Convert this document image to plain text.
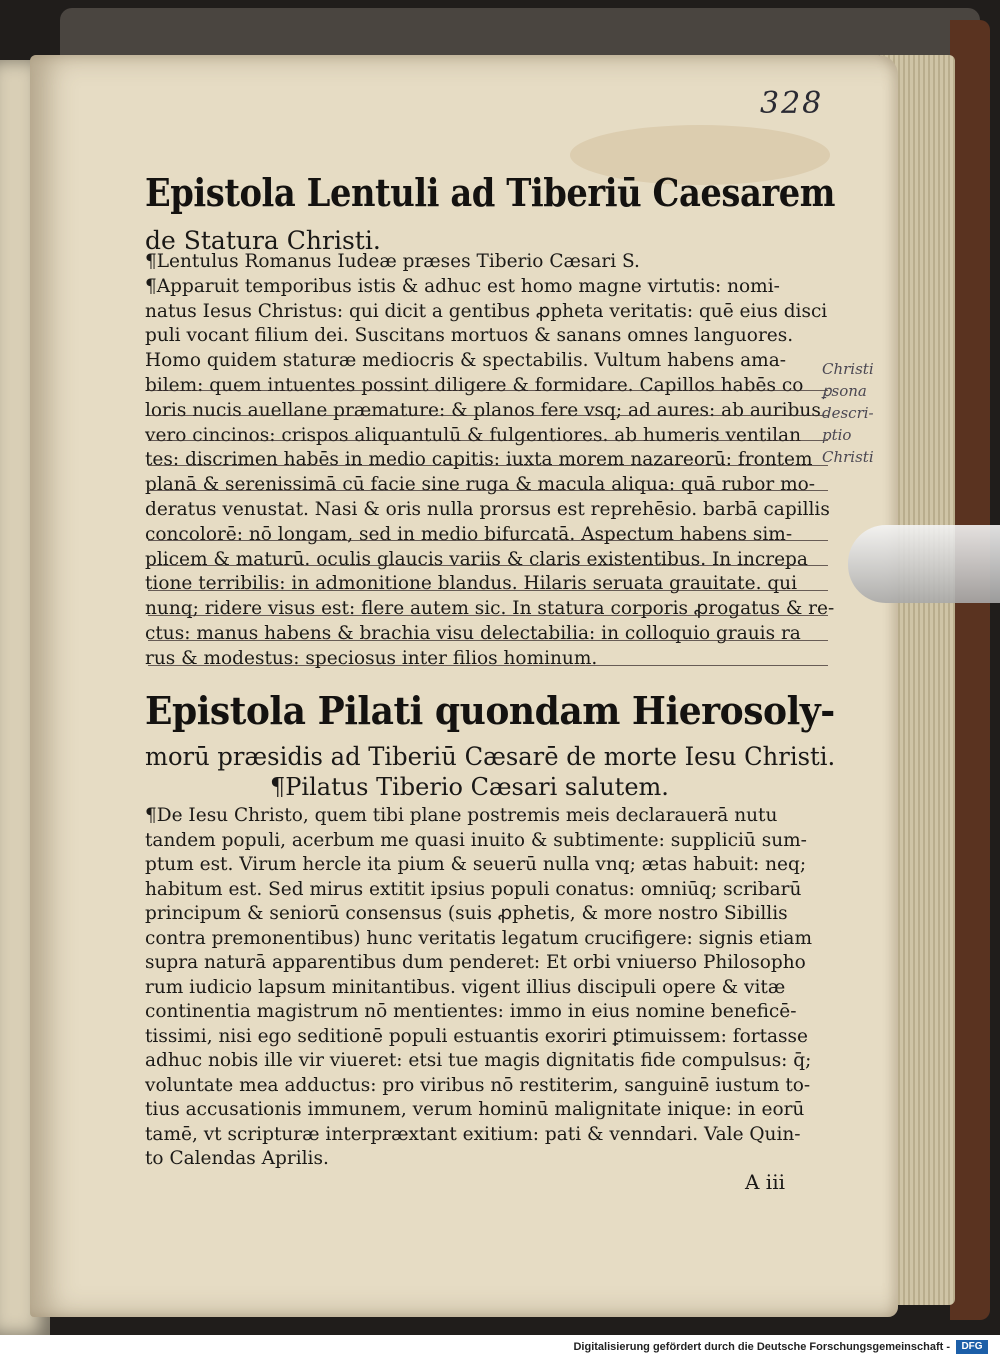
328
Epistola Lentuli ad Tiberiū Caesarem
de Statura Christi.
¶Lentulus Romanus Iudeæ præses Tiberio Cæsari S.
¶Apparuit temporibus istis & adhuc est homo magne virtutis: nomi-
natus Iesus Christus: qui dicit a gentibus ꝓpheta veritatis: quē eius disci
puli vocant filium dei. Suscitans mortuos & sanans omnes languores.
Homo quidem staturæ mediocris & spectabilis. Vultum habens ama-
bilem: quem intuentes possint diligere & formidare. Capillos habēs co
loris nucis auellane præmature: & planos fere vsq; ad aures: ab auribus
vero cincinos: crispos aliquantulū & fulgentiores. ab humeris ventilan
tes: discrimen habēs in medio capitis: iuxta morem nazareorū: frontem
planā & serenissimā cū facie sine ruga & macula aliqua: quā rubor mo-
deratus venustat. Nasi & oris nulla prorsus est reprehēsio. barbā capillis
concolorē: nō longam, sed in medio bifurcatā. Aspectum habens sim-
plicem & maturū. oculis glaucis variis & claris existentibus. In increpa
tione terribilis: in admonitione blandus. Hilaris seruata grauitate. qui
nunq; ridere visus est: flere autem sic. In statura corporis ꝓrogatus & re-
ctus: manus habens & brachia visu delectabilia: in colloquio grauis ra
rus & modestus: speciosus inter filios hominum.
Epistola Pilati quondam Hierosoly-
morū præsidis ad Tiberiū Cæsarē de morte Iesu Christi.
¶Pilatus Tiberio Cæsari salutem.
¶De Iesu Christo, quem tibi plane postremis meis declarauerā nutu
tandem populi, acerbum me quasi inuito & subtimente: suppliciū sum-
ptum est. Virum hercle ita pium & seuerū nulla vnq; ætas habuit: neq;
habitum est. Sed mirus extitit ipsius populi conatus: omniūq; scribarū
principum & seniorū consensus (suis ꝓphetis, & more nostro Sibillis
contra premonentibus) hunc veritatis legatum crucifigere: signis etiam
supra naturā apparentibus dum penderet: Et orbi vniuerso Philosopho
rum iudicio lapsum minitantibus. vigent illius discipuli opere & vitæ
continentia magistrum nō mentientes: immo in eius nomine beneficē-
tissimi, nisi ego seditionē populi estuantis exoriri ꝑtimuissem: fortasse
adhuc nobis ille vir viueret: etsi tue magis dignitatis fide compulsus: q̄;
voluntate mea adductus: pro viribus nō restiterim, sanguinē iustum to-
tius accusationis immunem, verum hominū malignitate inique: in eorū
tamē, vt scripturæ interpræxtant exitium: pati & venndari. Vale Quin-
to Calendas Aprilis.
Christi
ꝑsona
descri-
ptio
Christi
A iii
Digitalisierung gefördert durch die Deutsche Forschungsgemeinschaft -	DFG
